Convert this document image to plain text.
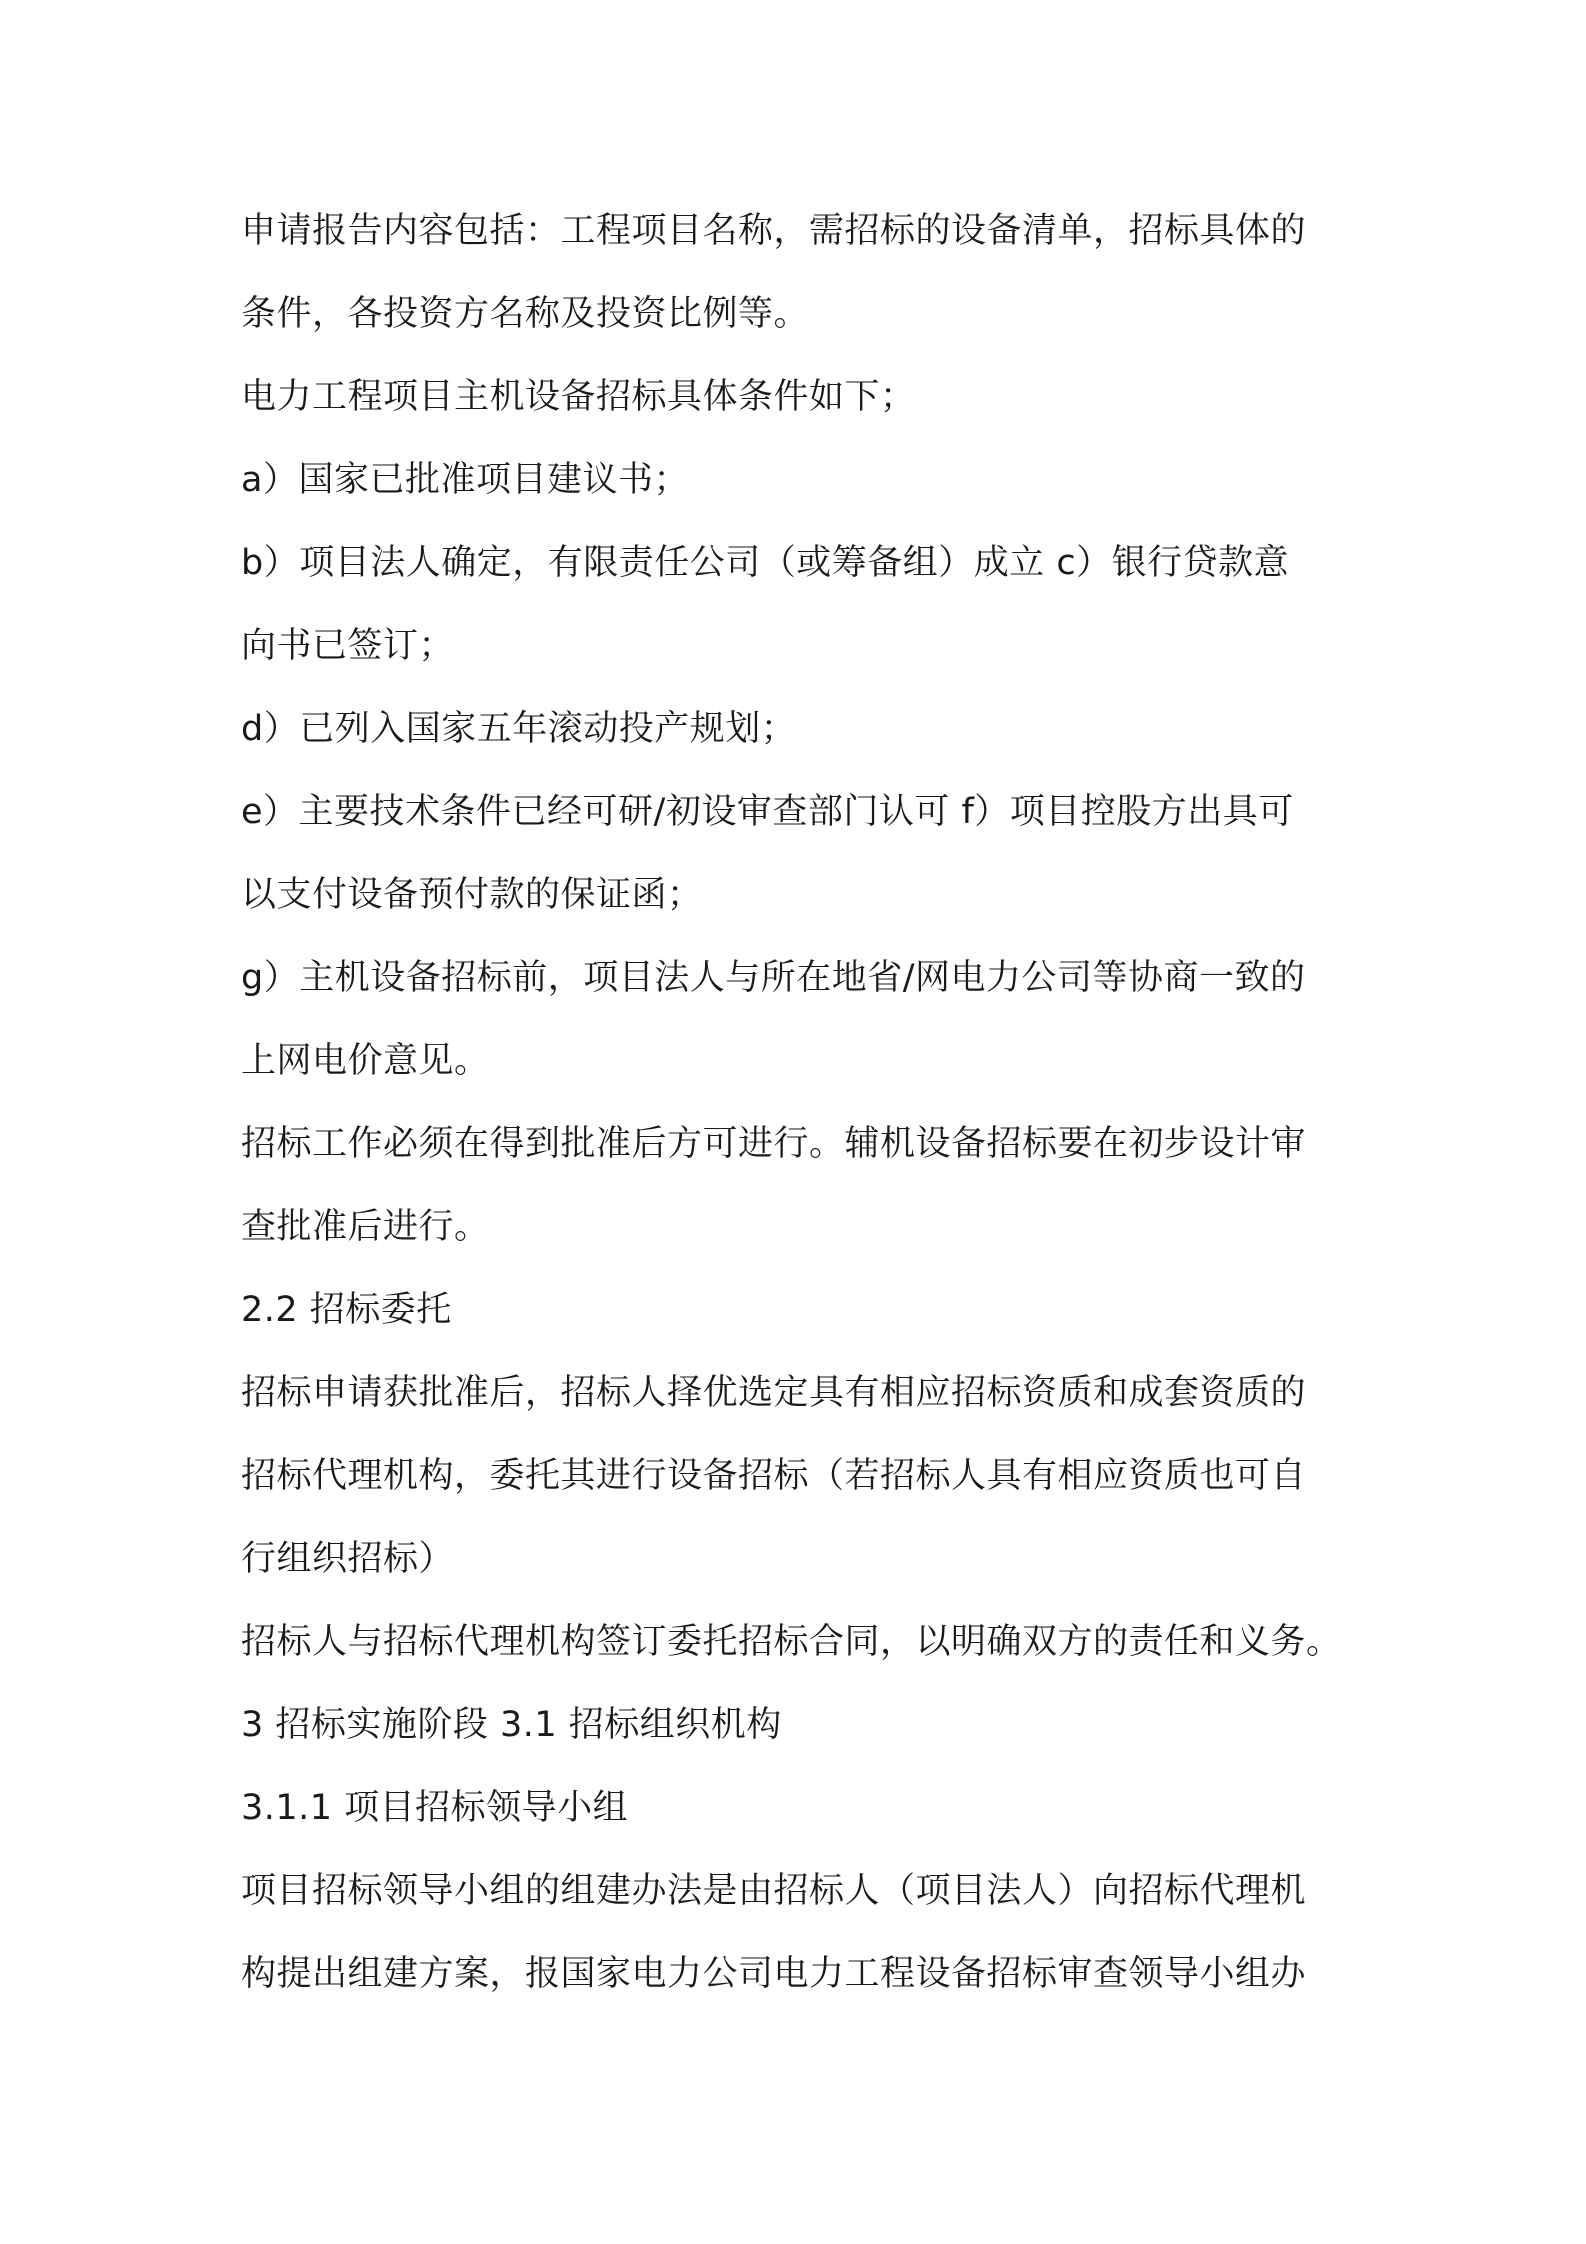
申请报告内容包括：工程项目名称，需招标的设备清单，招标具体的
条件，各投资方名称及投资比例等。
电力工程项目主机设备招标具体条件如下；
a）国家已批准项目建议书；
b）项目法人确定，有限责任公司（或筹备组）成立 c）银行贷款意
向书已签订；
d）已列入国家五年滚动投产规划；
e）主要技术条件已经可研/初设审查部门认可 f）项目控股方出具可
以支付设备预付款的保证函；
g）主机设备招标前，项目法人与所在地省/网电力公司等协商一致的
上网电价意见。
招标工作必须在得到批准后方可进行。辅机设备招标要在初步设计审
查批准后进行。
2.2 招标委托
招标申请获批准后，招标人择优选定具有相应招标资质和成套资质的
招标代理机构，委托其进行设备招标（若招标人具有相应资质也可自
行组织招标）
招标人与招标代理机构签订委托招标合同，以明确双方的责任和义务。
3 招标实施阶段 3.1 招标组织机构
3.1.1 项目招标领导小组
项目招标领导小组的组建办法是由招标人（项目法人）向招标代理机
构提出组建方案，报国家电力公司电力工程设备招标审查领导小组办
